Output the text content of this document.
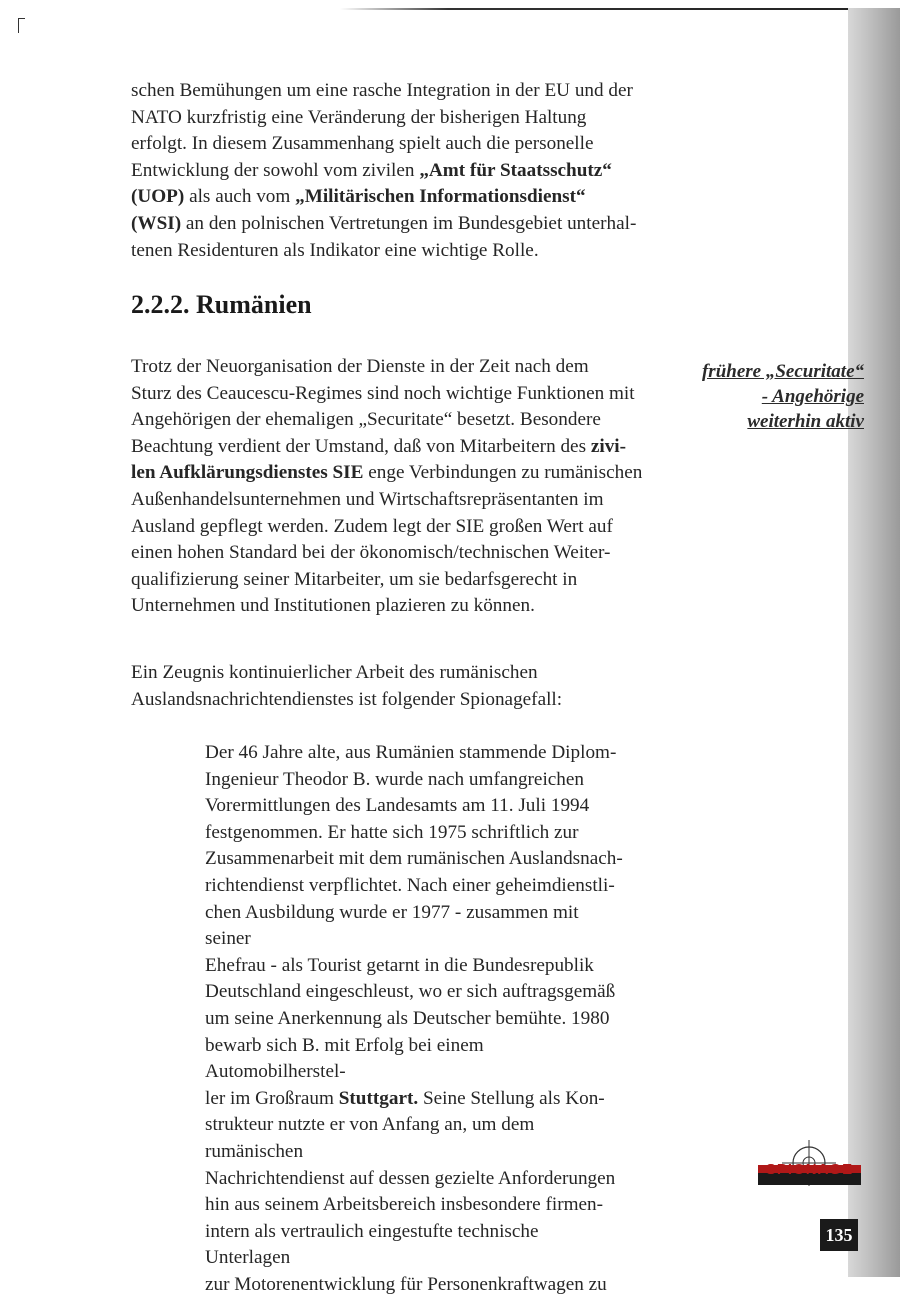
schen Bemühungen um eine rasche Integration in der EU und der
NATO kurzfristig eine Veränderung der bisherigen Haltung
erfolgt. In diesem Zusammenhang spielt auch die personelle
Entwicklung der sowohl vom zivilen „Amt für Staatsschutz“
(UOP) als auch vom „Militärischen Informationsdienst“
(WSI) an den polnischen Vertretungen im Bundesgebiet unterhal-
tenen Residenturen als Indikator eine wichtige Rolle.
2.2.2. Rumänien
Trotz der Neuorganisation der Dienste in der Zeit nach dem
Sturz des Ceaucescu-Regimes sind noch wichtige Funktionen mit
Angehörigen der ehemaligen „Securitate“ besetzt. Besondere
Beachtung verdient der Umstand, daß von Mitarbeitern des zivi-
len Aufklärungsdienstes SIE enge Verbindungen zu rumänischen
Außenhandelsunternehmen und Wirtschaftsrepräsentanten im
Ausland gepflegt werden. Zudem legt der SIE großen Wert auf
einen hohen Standard bei der ökonomisch/technischen Weiter-
qualifizierung seiner Mitarbeiter, um sie bedarfsgerecht in
Unternehmen und Institutionen plazieren zu können.
frühere „Securitate“
- Angehörige
weiterhin aktiv
Ein Zeugnis kontinuierlicher Arbeit des rumänischen
Auslandsnachrichtendienstes ist folgender Spionagefall:
Der 46 Jahre alte, aus Rumänien stammende Diplom-
Ingenieur Theodor B. wurde nach umfangreichen
Vorermittlungen des Landesamts am 11. Juli 1994
festgenommen. Er hatte sich 1975 schriftlich zur
Zusammenarbeit mit dem rumänischen Auslandsnach-
richtendienst verpflichtet. Nach einer geheimdienstli-
chen Ausbildung wurde er 1977 - zusammen mit seiner
Ehefrau - als Tourist getarnt in die Bundesrepublik
Deutschland eingeschleust, wo er sich auftragsgemäß
um seine Anerkennung als Deutscher bemühte. 1980
bewarb sich B. mit Erfolg bei einem Automobilherstel-
ler im Großraum Stuttgart. Seine Stellung als Kon-
strukteur nutzte er von Anfang an, um dem rumänischen
Nachrichtendienst auf dessen gezielte Anforderungen
hin aus seinem Arbeitsbereich insbesondere firmen-
intern als vertraulich eingestufte technische Unterlagen
zur Motorenentwicklung für Personenkraftwagen zu
SPIONAGE
135
